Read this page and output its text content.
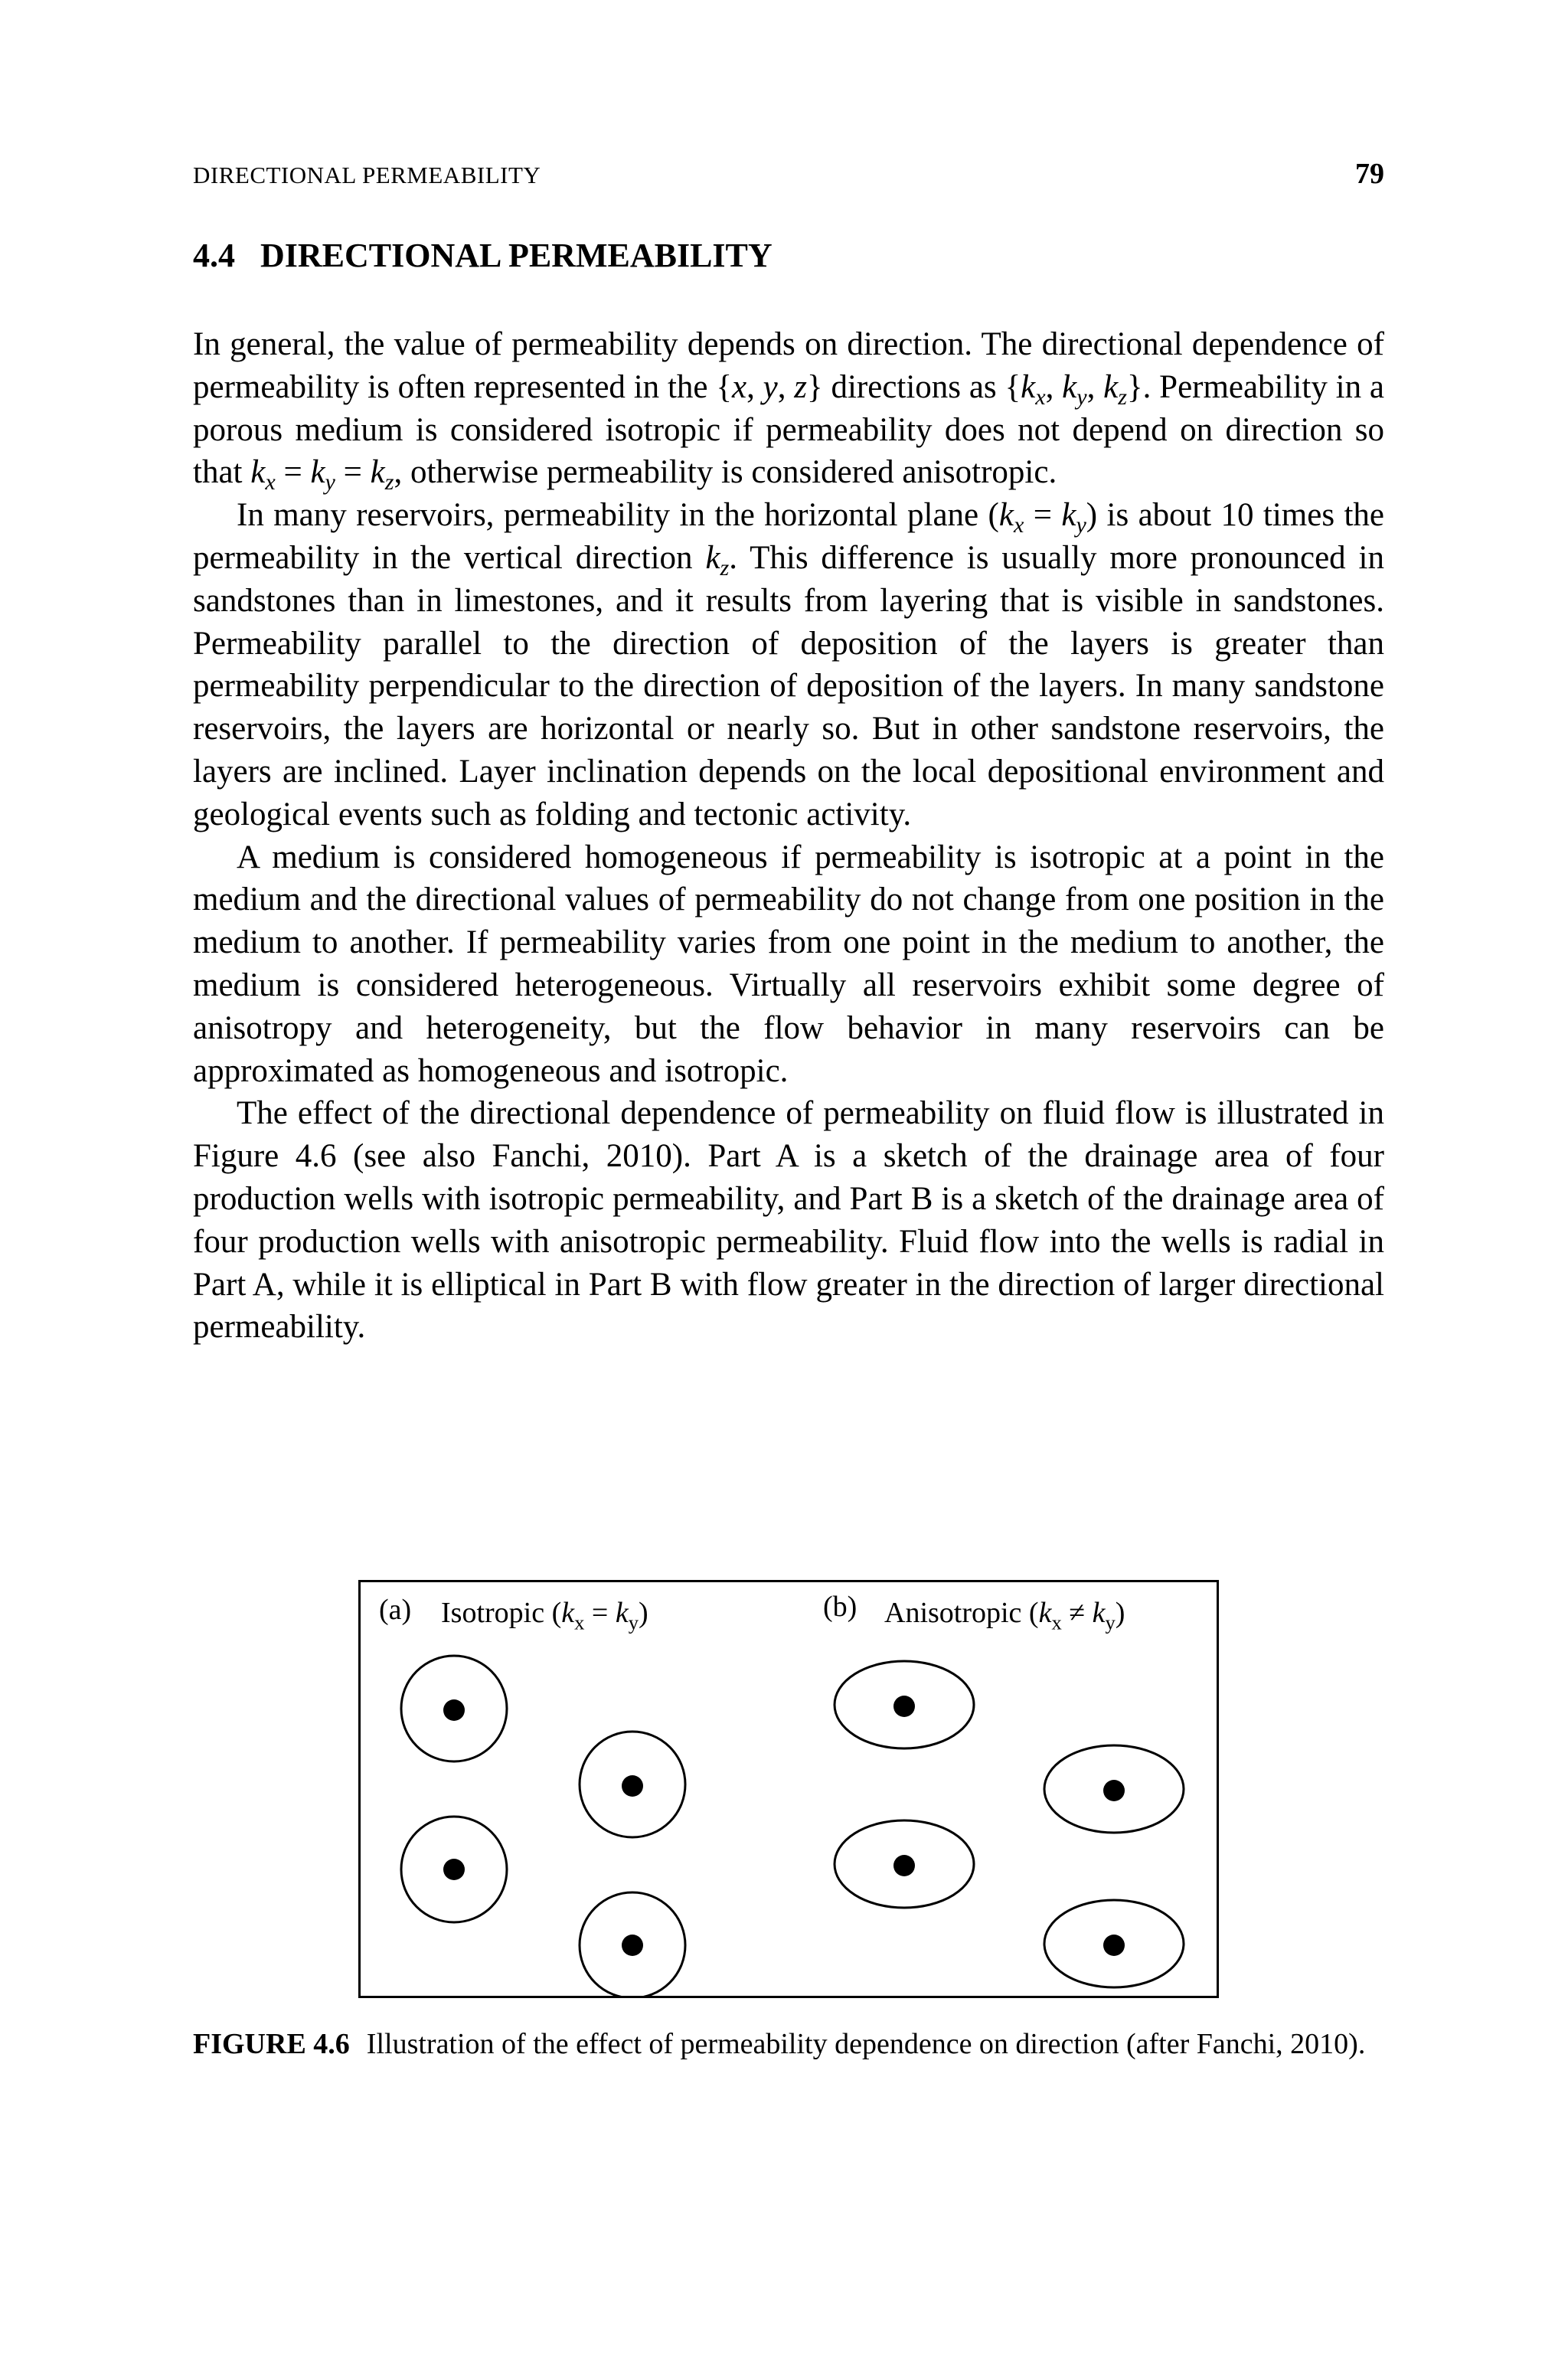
DIRECTIONAL PERMEABILITY	79
4.4 DIRECTIONAL PERMEABILITY

In general, the value of permeability depends on direction. The directional dependence of permeability is often represented in the {x, y, z} directions as {$k_x$, $k_y$, $k_z$}. Permeability in a porous medium is considered isotropic if permeability does not depend on direction so that $k_x = k_y = k_z$, otherwise permeability is considered anisotropic.

In many reservoirs, permeability in the horizontal plane $(k_x = k_y)$ is about 10 times the permeability in the vertical direction $k_z$. This difference is usually more pronounced in sandstones than in limestones, and it results from layering that is visible in sandstones. Permeability parallel to the direction of deposition of the layers is greater than permeability perpendicular to the direction of deposition of the layers. In many sandstone reservoirs, the layers are horizontal or nearly so. But in other sandstone reservoirs, the layers are inclined. Layer inclination depends on the local depositional environment and geological events such as folding and tectonic activity.

A medium is considered homogeneous if permeability is isotropic at a point in the medium and the directional values of permeability do not change from one position in the medium to another. If permeability varies from one point in the medium to another, the medium is considered heterogeneous. Virtually all reservoirs exhibit some degree of anisotropy and heterogeneity, but the flow behavior in many reservoirs can be approximated as homogeneous and isotropic.

The effect of the directional dependence of permeability on fluid flow is illustrated in Figure 4.6 (see also Fanchi, 2010). Part A is a sketch of the drainage area of four production wells with isotropic permeability, and Part B is a sketch of the drainage area of four production wells with anisotropic permeability. Fluid flow into the wells is radial in Part A, while it is elliptical in Part B with flow greater in the direction of larger directional permeability.

(a) Isotropic $(k_x = k_y)$	(b) Anisotropic $(k_x \ne k_y)$
FIGURE 4.6 Illustration of the effect of permeability dependence on direction (after Fanchi, 2010).
